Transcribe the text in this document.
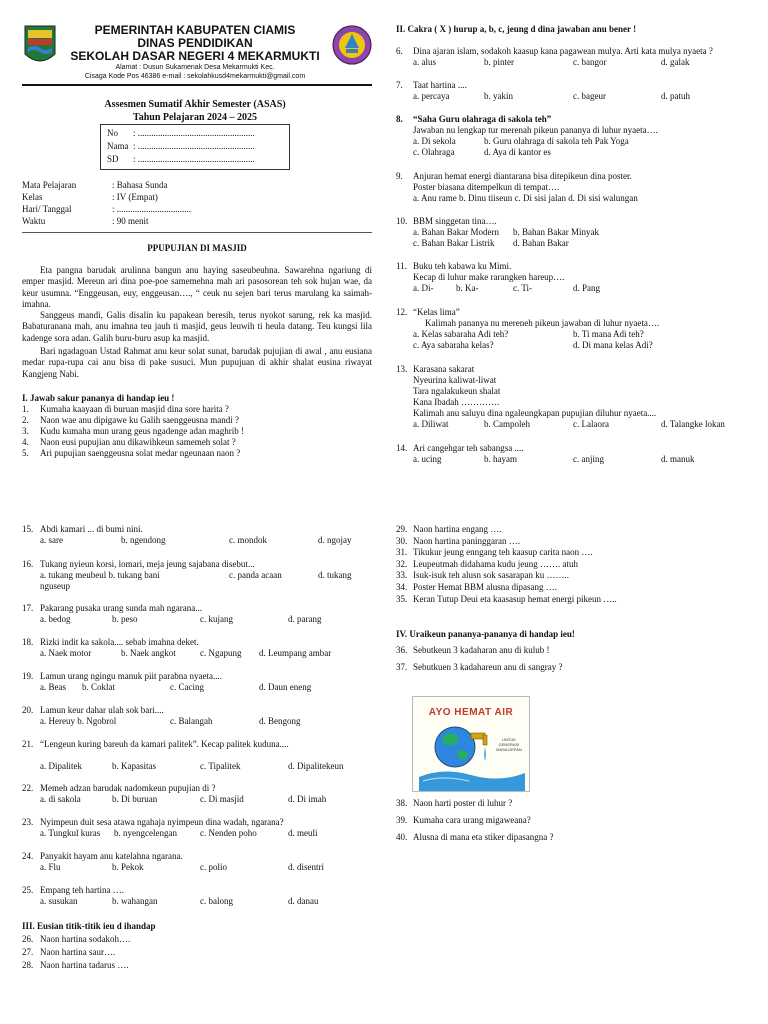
PEMERINTAH KABUPATEN CIAMIS
DINAS PENDIDIKAN
SEKOLAH DASAR NEGERI 4 MEKARMUKTI
Alamat : Dusun Sukamenak Desa Mekarmukti Kec.
Cisaga Kode Pos 46386 e-mail : sekolahkusd4mekarmukti@gmail.com
Assesmen Sumatif Akhir Semester (ASAS)
Tahun Pelajaran 2024 – 2025
No : ....................................................
Nama : ....................................................
SD : ....................................................
Mata Pelajaran	: Bahasa Sunda
Kelas	: IV (Empat)
Hari/ Tanggal	: .................................
Waktu	: 90 menit
PPUPUJIAN DI MASJID
Eta pangna barudak arulinna bangun anu haying saseubeuhna. Sawarehna ngariung di emper masjid. Mereun ari dina poe-poe samemehna mah ari pasosorean teh sok hujan wae, da keur usumna. “Enggeusan, euy, enggeusan…., “ ceuk nu sejen bari terus marulang ka saimah-imahna.
Sanggeus mandi, Galis disalin ku papakean beresih, terus nyokot sarung, rek ka masjid. Babaturanana mah, anu imahna teu jauh ti masjid, geus leuwih ti heula datang. Teu kungsi lila kadenge sora adan. Galih buru-buru asup ka masjid.
Bari ngadagoan Ustad Rahmat anu keur solat sunat, barudak pujujian di awal , anu eusiana medar rupa-rupa cai anu bisa di pake susuci. Mun pupujuan di akhir shalat eusina riwayat Kangjeng Nabi.
I. Jawab sakur pananya di handap ieu !
1. Kumaha kaayaan di buruan masjid dina sore harita ?
2. Naon wae anu dipigawe ku Galih saenggeusna mandi ?
3. Kudu kumaha mun urang geus ngadenge adan maghrib !
4. Naon eusi pupujian anu dikawihkeun samemeh solat ?
5. Ari pupujian saenggeusna solat medar ngeunaan naon ?
II. Cakra ( X ) hurup a, b, c, jeung d dina jawaban anu bener !
6. Dina ajaran islam, sodakoh kaasup kana pagawean mulya. Arti kata mulya nyaeta ?
a. alus	b. pinter	c. bangor	d. galak
7. Taat hartina ....
a. percaya	b. yakin	c. bageur	d. patuh
8. “Saha Guru olahraga di sakola teh”
Jawaban nu lengkap tur merenah pikeun pananya di luhur nyaeta….
a. Di sekola	b. Guru olahraga di sakola teh Pak Yoga
c. Olahraga	d. Aya di kantor es
9. Anjuran hemat energi diantarana bisa ditepikeun dina poster.
Poster biasana ditempelkun di tempat….
a. Anu rame b. Dinu tiiseun c. Di sisi jalan d. Di sisi walungan
10. BBM singgetan tina….
a. Bahan Bakar Modern b. Bahan Bakar Minyak
c. Bahan Bakar Listrik d. Bahan Bakar
11. Buku teh kabawa ku Mimi.
Kecap di luhur make rarangken hareup….
a. Di-	b. Ka-	c. Ti-	d. Pang
12. “Kelas lima”
Kalimah pananya nu mereneh pikeun jawaban di luhur nyaeta….
a. Kelas sabaraha Adi teh?	b. Ti mana Adi teh?
c. Aya sabaraha kelas?	d. Di mana kelas Adi?
13. Karasana sakarat
Nyeurina kaliwat-liwat
Tara ngalakukeun shalat
Kana Ibadah ………….
Kalimah anu saluyu dina ngaleungkapan pupujian diluhur nyaeta....
a. Diliwat	b. Campoleh	c. Lalaora	d. Talangke lokan
14. Ari cangehgar teh sabangsa ....
a. ucing	b. hayam	c. anjing	d. manuk
15. Abdi kamari ... di bumi nini.
a. sare	b. ngendong	c. mondok	d. ngojay
16. Tukang nyieun korsi, lomari, meja jeung sajabana disebut...
a. tukang meubeul b. tukang bani	c. panda acaan	d. tukang
nguseup
17. Pakarang pusaka urang sunda mah ngarana...
a. bedog	b. peso	c. kujang	d. parang
18. Rizki indit ka sakola.... sebab imahna deket.
a. Naek motor	b. Naek angkot	c. Ngapung d. Leumpang ambar
19. Lamun urang ngingu manuk piit parabna nyaeta....
a. Beas b. Coklat	c. Cacing	d. Daun eneng
20. Lamun keur dahar ulah sok bari....
a. Hereuy b. Ngobrol	c. Balangah	d. Bengong
21. “Lengeun kuring bareuh da kamari palitek”. Kecap palitek kuduna....
a. Dipalitek	b. Kapasitas	c. Tipalitek	d. Dipalitekeun
22. Memeh adzan barudak nadomkeun pupujian di ?
a. di sakola	b. Di buruan	c. Di masjid	d. Di imah
23. Nyimpeun duit sesa atawa ngahaja nyimpeun dina wadah, ngarana?
a. Tungkul kuras b. nyengcelengan	c. Nenden poho	d. meuli
24. Panyakit hayam anu katelahna ngarana.
a. Flu	b. Pekok	c. polio	d. disentri
25. Empang teh hartina ….
a. susukan	b. wahangan	c. balong	d. danau
III. Eusian titik-titik ieu d ihandap
26. Naon hartina sodakoh….
27. Naon hartina saur….
28. Naon hartina tadarus ….
29. Naon hartina engang ….
30. Naon hartina paninggaran ….
31. Tikukur jeung enngang teh kaasup carita naon ….
32. Leupeutmah didahama kudu jeung ……. atuh
33. Isuk-isuk teh alusn sok sasarapan ku ……..
34. Poster Hemat BBM alusna dipasang ….
35. Keran Tutup Deui eta kaasasup hemat energi pikeun …..
IV. Uraikeun pananya-pananya di handap ieu!
36. Sebutkeun 3 kadaharan anu di kulub !
37. Sebutkuen 3 kadahareun anu di sangray ?
AYO HEMAT AIR
UNTUK GENERASI MASA DEPAN
38. Naon harti poster di luhur ?
39. Kumaha cara urang migaweana?
40. Alusna di mana eta stiker dipasangna ?
